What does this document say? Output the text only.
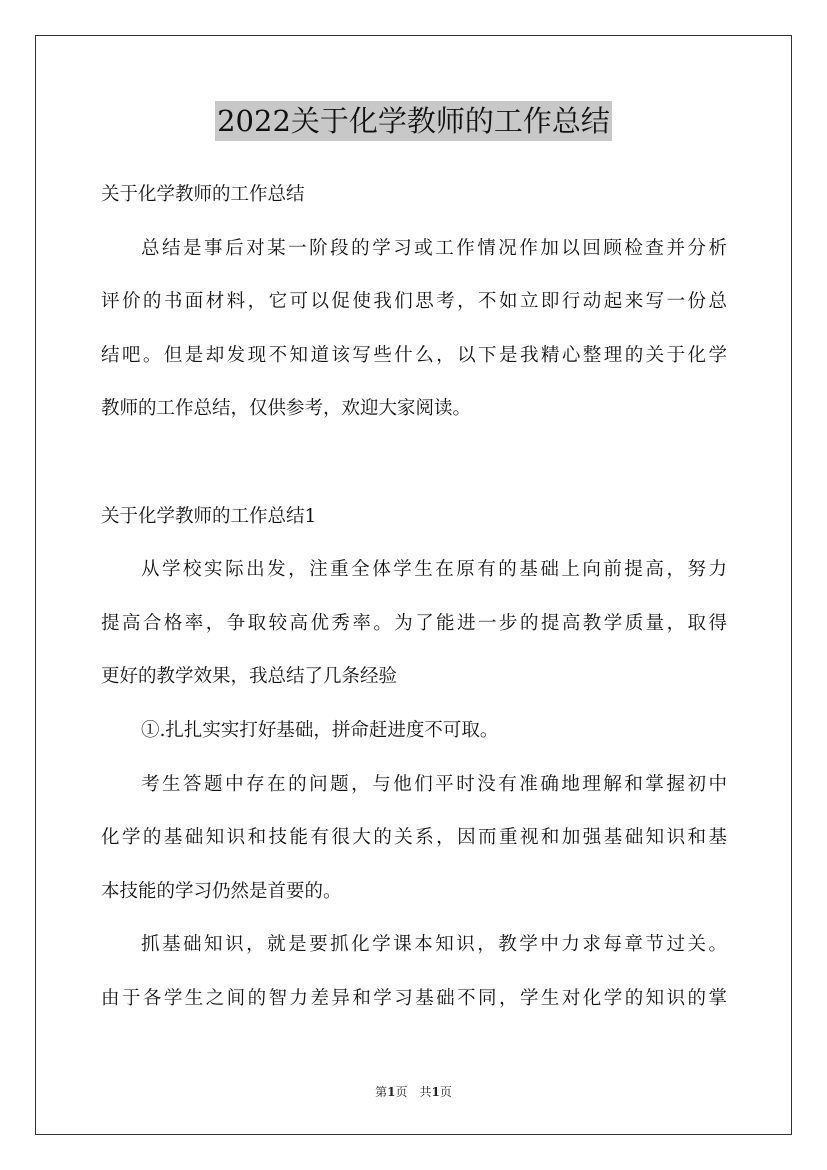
2022关于化学教师的工作总结
关于化学教师的工作总结
总结是事后对某一阶段的学习或工作情况作加以回顾检查并分析
评价的书面材料，它可以促使我们思考，不如立即行动起来写一份总
结吧。但是却发现不知道该写些什么，以下是我精心整理的关于化学
教师的工作总结，仅供参考，欢迎大家阅读。
关于化学教师的工作总结1
从学校实际出发，注重全体学生在原有的基础上向前提高，努力
提高合格率，争取较高优秀率。为了能进一步的提高教学质量，取得
更好的教学效果，我总结了几条经验
①.扎扎实实打好基础，拼命赶进度不可取。
考生答题中存在的问题，与他们平时没有准确地理解和掌握初中
化学的基础知识和技能有很大的关系，因而重视和加强基础知识和基
本技能的学习仍然是首要的。
抓基础知识，就是要抓化学课本知识，教学中力求每章节过关。
由于各学生之间的智力差异和学习基础不同，学生对化学的知识的掌
第1页 共1页
